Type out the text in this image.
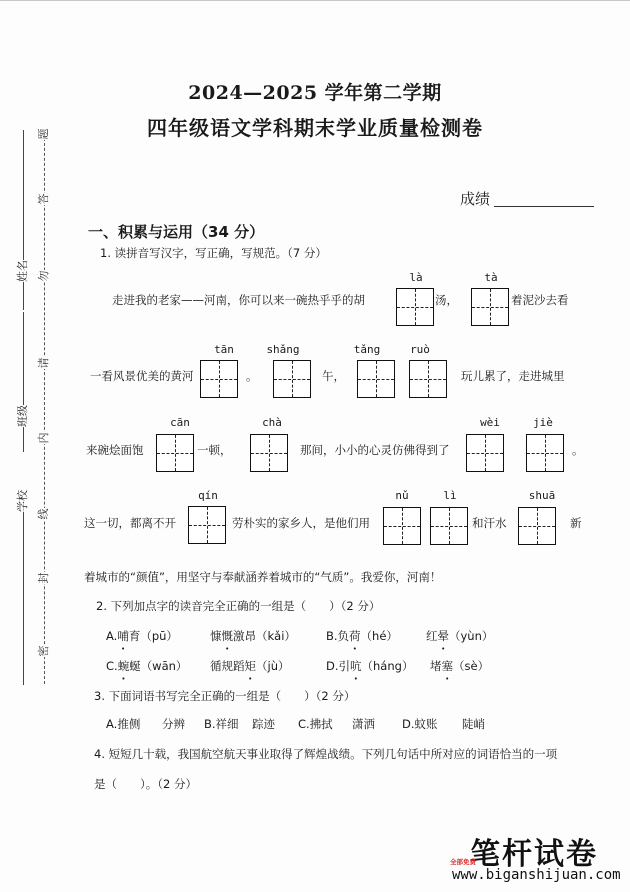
姓名
班级
学校
题
答
勿
请
内
线
封
密
2024—2025 学年第二学期
四年级语文学科期末学业质量检测卷
成绩
一、积累与运用（34 分）
1. 读拼音写汉字，写正确，写规范。（7 分）
走进我的老家——河南，你可以来一碗热乎乎的胡
là
汤，
tà
着泥沙去看
一看风景优美的黄河
tān
。
shǎng
午，
tǎng	ruò
玩儿累了，走进城里
来碗烩面饱
cān
一顿，
chà
那间，小小的心灵仿佛得到了
wèi	jiè
。
这一切，都离不开
qín
劳朴实的家乡人，是他们用
nǔ	lì
和汗水
shuā
新
着城市的“颜值”，用坚守与奉献涵养着城市的“气质”。我爱你，河南！
2. 下列加点字的读音完全正确的一组是（　　）（2 分）
A.哺育（pū）	慷慨激昂（kǎi）	B.负荷（hé） 红晕（yùn）
C.蜿蜒（wān） 循规蹈矩（jù）	D.引吭（háng） 堵塞（sè）
3. 下面词语书写完全正确的一组是（　　）（2 分）
A.推侧 分辨 B.祥细 踪迹 C.拂拭 潇洒 D.蚊账 陡峭
4. 短短几十载，我国航空航天事业取得了辉煌战绩。下列几句话中所对应的词语恰当的一项
是（　　）。（2 分）
笔杆试卷
全部免费
www.biganshijuan.com
